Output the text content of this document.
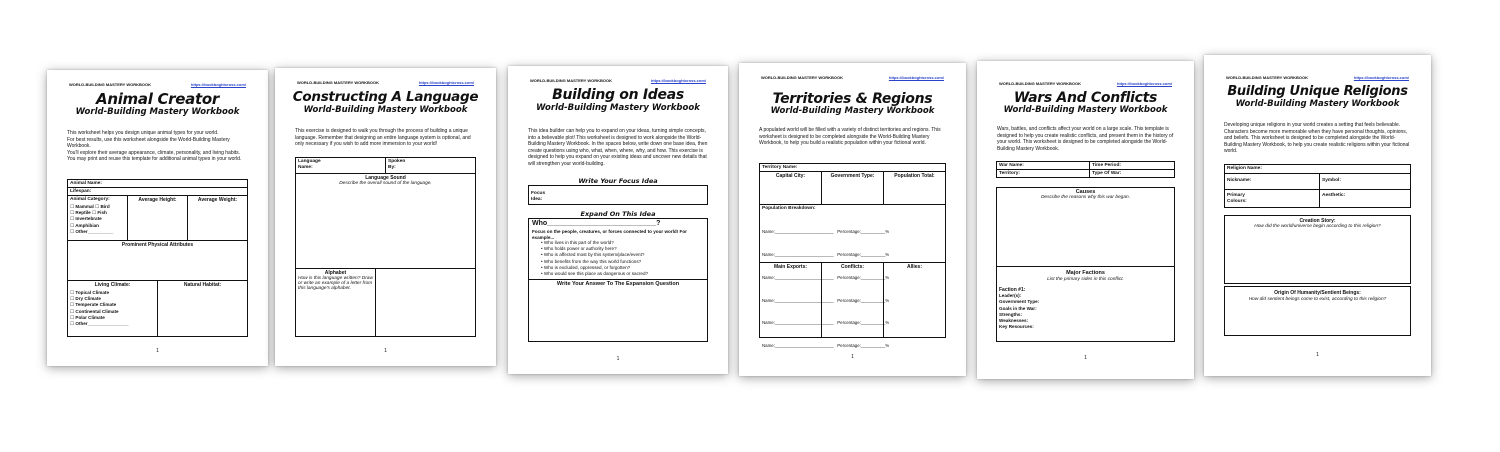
WORLD-BUILDING MASTERY WORKBOOK	https://bookboghtcross.com/
Animal Creator
World-Building Mastery Workbook
This worksheet helps you design unique animal types for your world.
For best results, use this worksheet alongside the World-Building Mastery Workbook.
You'll explore their average appearance, climate, personality, and living habits. You may print and reuse this template for additional animal types in your world.
Animal Name:
Lifespan:
Animal Category:
☐ Mammal ☐ Bird
☐ Reptile ☐ Fish
☐ Invertebrate
☐ Amphibian
☐ Other__________
Average Height:	Average Weight:
Prominent Physical Attributes
Living Climate:
☐ Topical Climate
☐ Dry Climate
☐ Temperate Climate
☐ Continental Climate
☐ Polar Climate
☐ Other________________
Natural Habitat:
1
WORLD-BUILDING MASTERY WORKBOOK	https://bookboghtcross.com/
Constructing A Language
World-Building Mastery Workbook
This exercise is designed to walk you through the process of building a unique language. Remember that designing an entire language system is optional, and only necessary if you wish to add more immersion to your world!
Language Name:
Spoken By:
Language Sound
Describe the overall sound of the language.
Alphabet
How is this language written? Draw or write an example of a letter from this language's alphabet.
1
WORLD-BUILDING MASTERY WORKBOOK	https://bookboghtcross.com/
Building on Ideas
World-Building Mastery Workbook
This idea builder can help you to expand on your ideas, turning simple concepts, into a believable plot! This worksheet is designed to work alongside the World-Building Mastery Workbook. In the spaces below, write down one base idea, then create questions using who, what, when, where, why, and how. This exercise is designed to help you expand on your existing ideas and uncover new details that will strengthen your world-building.
Write Your Focus Idea
Focus Idea:
Expand On This Idea
Who____________________________?
Focus on the people, creatures, or forces connected to your world! For example...
• Who lives in this part of the world?
• Who holds power or authority here?
• Who is affected most by this system/place/event?
• Who benefits from the way this world functions?
• Who is excluded, oppressed, or forgotten?
• Who would see this place as dangerous or sacred?
Write Your Answer To The Expansion Question
1
WORLD-BUILDING MASTERY WORKBOOK	https://bookboghtcross.com/
Territories & Regions
World-Building Mastery Workbook
A populated world will be filled with a variety of distinct territories and regions. This worksheet is designed to be completed alongside the World-Building Mastery Workbook, to help you build a realistic population within your fictional world.
Territory Name:
Capital City:	Government Type:	Population Total:
Population Breakdown:

Name:________________________   Percentage:__________%

Name:________________________   Percentage:__________%

Name:________________________   Percentage:__________%

Name:________________________   Percentage:__________%

Name:________________________   Percentage:__________%

Name:________________________   Percentage:__________%

Main Exports:	Conflicts:	Allies:
1
WORLD-BUILDING MASTERY WORKBOOK	https://bookboghtcross.com/
Wars And Conflicts
World-Building Mastery Workbook
Wars, battles, and conflicts affect your world on a large scale. This template is designed to help you create realistic conflicts, and present them in the history of your world. This worksheet is designed to be completed alongside the World-Building Mastery Workbook.
War Name:	Time Period:
Territory:	Type Of War:
Causes
Describe the reasons why this war began.
Major Factions
List the primary sides in this conflict.
Faction #1:
Leader(s):
Government Type:
Goals in the War:
Strengths:
Weaknesses:
Key Resources:
1
WORLD-BUILDING MASTERY WORKBOOK	https://bookboghtcross.com/
Building Unique Religions
World-Building Mastery Workbook
Developing unique religions in your world creates a setting that feels believable. Characters become more memorable when they have personal thoughts, opinions, and beliefs. This worksheet is designed to be completed alongside the World-Building Mastery Workbook, to help you create realistic religions within your fictional world.
Religion Name:
Nickname:	Symbol:
Primary Colours:
Aesthetic:
Creation Story:
How did the world/universe begin according to this religion?
Origin Of Humanity/Sentient Beings:
How did sentient beings come to exist, according to this religion?
1
